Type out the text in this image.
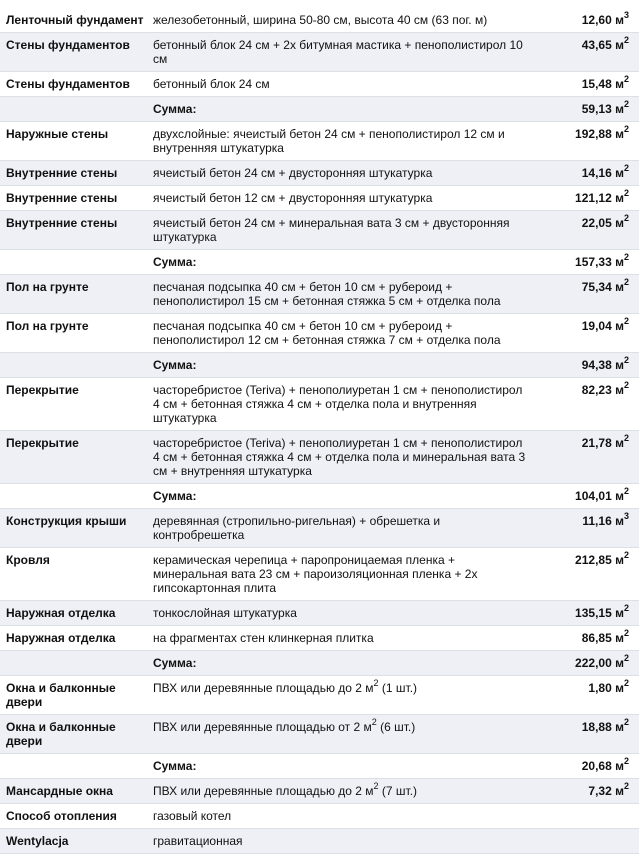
Ленточный фундамент	железобетонный, ширина 50-80 см, высота 40 см (63 пог. м)	12,60 $м^3$
Стены фундаментов	бетонный блок 24 см + 2х битумная мастика + пенополистирол 10 см	43,65 $м^2$
Стены фундаментов	бетонный блок 24 см	15,48 $м^2$
	Сумма:	59,13 $м^2$
Наружные стены	двухслойные: ячеистый бетон 24 см + пенополистирол 12 см и внутренняя штукатурка	192,88 $м^2$
Внутренние стены	ячеистый бетон 24 см + двусторонняя штукатурка	14,16 $м^2$
Внутренние стены	ячеистый бетон 12 см + двусторонняя штукатурка	121,12 $м^2$
Внутренние стены	ячеистый бетон 24 см + минеральная вата 3 см + двусторонняя штукатурка	22,05 $м^2$
	Сумма:	157,33 $м^2$
Пол на грунте	песчаная подсыпка 40 см + бетон 10 см + рубероид + пенополистирол 15 см + бетонная стяжка 5 см + отделка пола	75,34 $м^2$
Пол на грунте	песчаная подсыпка 40 см + бетон 10 см + рубероид + пенополистирол 12 см + бетонная стяжка 7 см + отделка пола	19,04 $м^2$
	Сумма:	94,38 $м^2$
Перекрытие	часторебристое (Teriva) + пенополиуретан 1 см + пенополистирол 4 см + бетонная стяжка 4 см + отделка пола и внутренняя штукатурка	82,23 $м^2$
Перекрытие	часторебристое (Teriva) + пенополиуретан 1 см + пенополистирол 4 см + бетонная стяжка 4 см + отделка пола и минеральная вата 3 см + внутренняя штукатурка	21,78 $м^2$
	Сумма:	104,01 $м^2$
Конструкция крыши	деревянная (стропильно-ригельная) + обрешетка и контробрешетка	11,16 $м^3$
Кровля	керамическая черепица + паропроницаемая пленка + минеральная вата 23 см + пароизоляционная пленка + 2х гипсокартонная плита	212,85 $м^2$
Наружная отделка	тонкослойная штукатурка	135,15 $м^2$
Наружная отделка	на фрагментах стен клинкерная плитка	86,85 $м^2$
	Сумма:	222,00 $м^2$
Окна и балконные двери	ПВХ или деревянные площадью до 2 $м^2$ (1 шт.)	1,80 $м^2$
Окна и балконные двери	ПВХ или деревянные площадью от 2 $м^2$ (6 шт.)	18,88 $м^2$
	Сумма:	20,68 $м^2$
Мансардные окна	ПВХ или деревянные площадью до 2 $м^2$ (7 шт.)	7,32 $м^2$
Способ отопления	газовый котел	
Wentylacja	гравитационная	
